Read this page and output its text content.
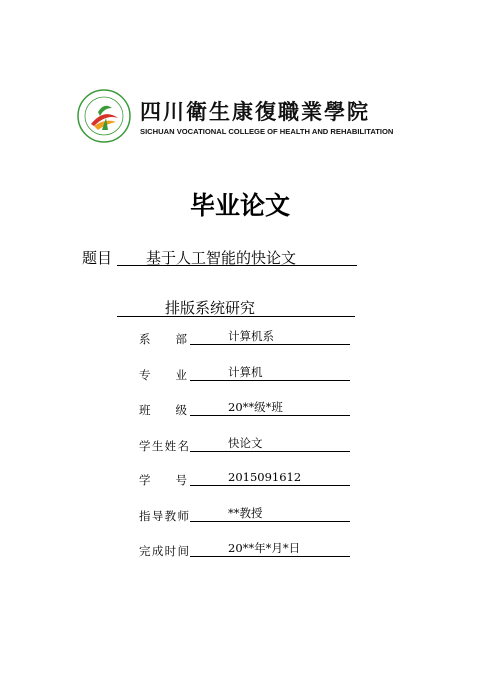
四川衛生康復職業學院
SICHUAN VOCATIONAL COLLEGE OF HEALTH AND REHABILITATION
毕业论文
题目 基于人工智能的快论文
排版系统研究
系 部	计算机系
专 业	计算机
班 级	20**级*班
学 生 姓 名	快论文
学 号	2015091612
指 导 教 师	**教授
完 成 时 间	20**年*月*日
